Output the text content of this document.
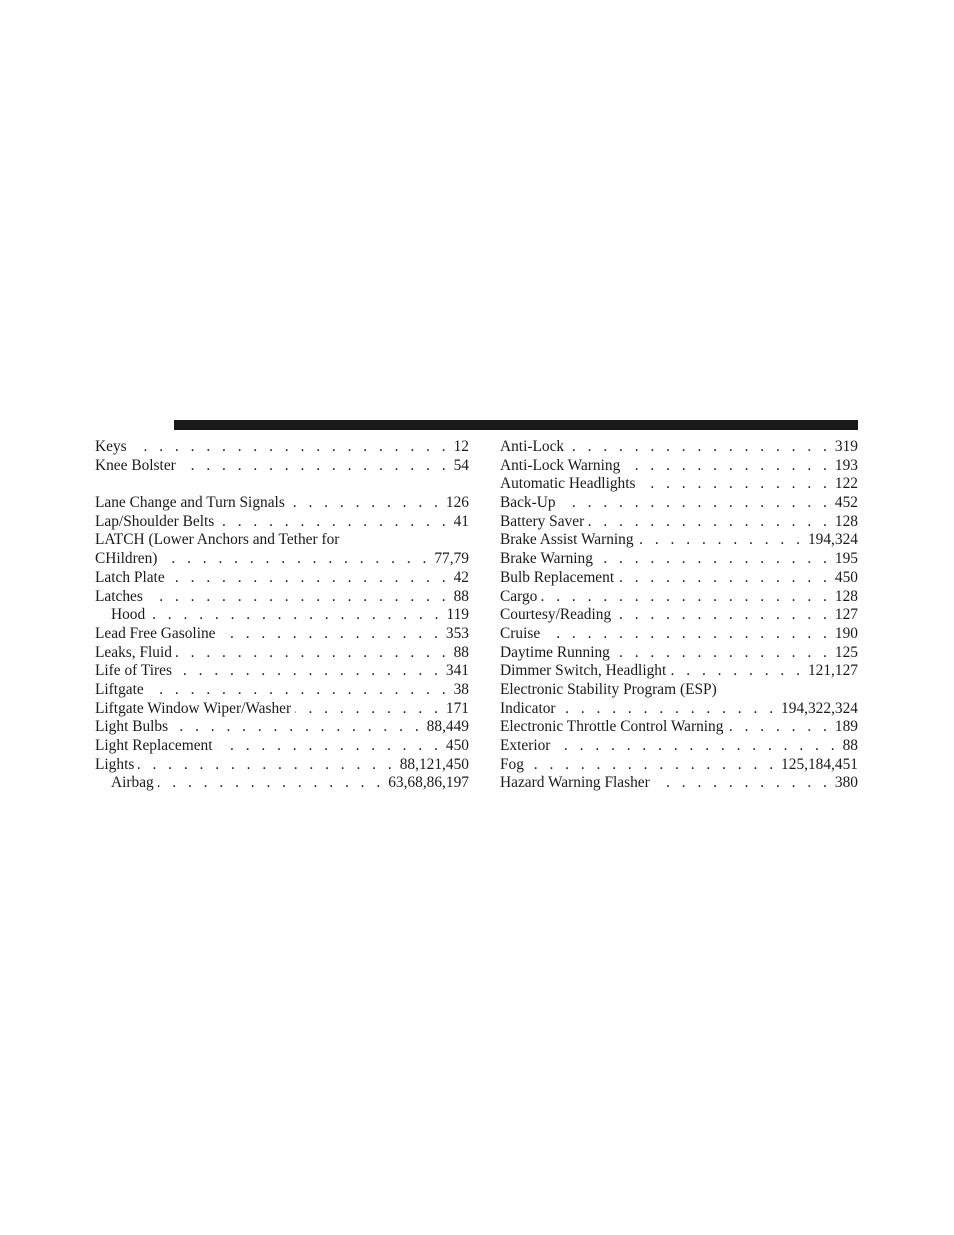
Keys . . .	12
Knee Bolster . . .	54
Lane Change and Turn Signals . . .	126
Lap/Shoulder Belts . . .	41
LATCH (Lower Anchors and Tether for
CHildren) . . .	77,79
Latch Plate . . .	42
Latches . . .	88
Hood . . .	119
Lead Free Gasoline . . .	353
Leaks, Fluid . . .	88
Life of Tires . . .	341
Liftgate . . .	38
Liftgate Window Wiper/Washer . . .	171
Light Bulbs . . .	88,449
Light Replacement . . .	450
Lights . . .	88,121,450
Airbag . . .	63,68,86,197
Anti-Lock . . .	319
Anti-Lock Warning . . .	193
Automatic Headlights . . .	122
Back-Up . . .	452
Battery Saver . . .	128
Brake Assist Warning . . .	194,324
Brake Warning . . .	195
Bulb Replacement . . .	450
Cargo . . .	128
Courtesy/Reading . . .	127
Cruise . . .	190
Daytime Running . . .	125
Dimmer Switch, Headlight . . .	121,127
Electronic Stability Program (ESP)
Indicator . . .	194,322,324
Electronic Throttle Control Warning . . .	189
Exterior . . .	88
Fog . . .	125,184,451
Hazard Warning Flasher . . .	380
